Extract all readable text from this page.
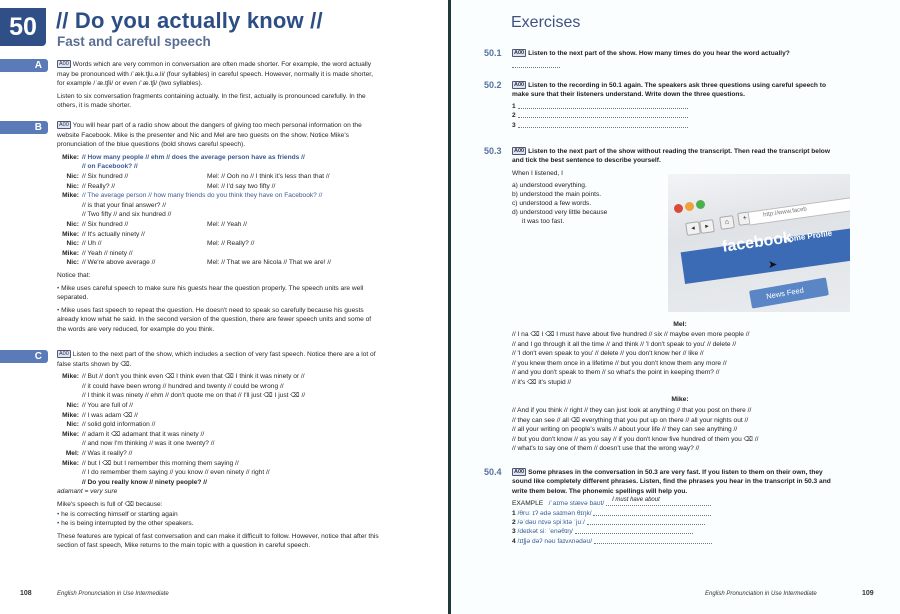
50 // Do you actually know //
Fast and careful speech
A	A00 Words which are very common in conversation are often made shorter. For example, the word actually may be pronounced with /ˈæk.tʃu.ə.li/ (four syllables) in careful speech. However, normally it is made shorter, for example /ˈæ.tʃli/ or even /ˈæ.tʃi/ (two syllables).

Listen to six conversation fragments containing actually. In the first, actually is pronounced carefully. In the others, it is made shorter.

B	A00 You will hear part of a radio show about the dangers of giving too mech personal information on the website Facebook. Mike is the presenter and Nic and Mel are two guests on the show. Notice Mike's pronunciation of the blue questions (bold shows careful speech).

Mike: // How many people // ehm // does the average person have as friends //
// on Facebook? //
Nic: // Six hundred //	Mel: // Ooh no // I think it's less than that //
Nic: // Really? //	Mel: // I'd say two fifty //
Mike: // The average person // how many friends do you think they have on Facebook? //
// is that your final answer? //
// Two fifty // and six hundred //
Nic: // Six hundred //	Mel: // Yeah //
Mike: // It's actually ninety //
Nic: // Uh //	Mel: // Really? //
Mike: // Yeah // ninety //
Nic: // We're above average //	Mel: // That we are Nicola // That we are! //

Notice that:

• Mike uses careful speech to make sure his guests hear the question properly. The speech units are well separated.

• Mike uses fast speech to repeat the question. He doesn't need to speak so carefully because his guests already know what he said. In the second version of the question, there are fewer speech units and some of the words are very reduced, for example do you think.

C	A00 Listen to the next part of the show, which includes a section of very fast speech. Notice there are a lot of false starts shown by ⌫.

Mike: // But // don't you think even ⌫ I think even that ⌫ I think it was ninety or //
// it could have been wrong // hundred and twenty // could be wrong //
// I think it was ninety // ehm // don't quote me on that // I'll just ⌫ I just ⌫ //
Nic: // You are full of //
Mike: // I was adam ⌫ //
Nic: // solid gold information //
Mike: // adam it ⌫ adamant that it was ninety //
// and now I'm thinking // was it one twenty? //
Mel: // Was it really? //
Mike: // but I ⌫ but I remember this morning them saying //
// I do remember them saying // you know // even ninety // right //
// Do you really know // ninety people? //

adamant = very sure

Mike's speech is full of ⌫ because:

• he is correcting himself or starting again

• he is being interrupted by the other speakers.

These features are typical of fast conversation and can make it difficult to follow. However, notice that after this section of fast speech, Mike returns to the main topic with a question in careful speech.

108	English Pronunciation in Use Intermediate
Exercises
50.1	A00 Listen to the next part of the show. How many times do you hear the word actually?

50.2	A00 Listen to the recording in 50.1 again. The speakers ask three questions using careful speech to make sure that their listeners understand. Write down the three questions.

1

2

3

50.3	A00 Listen to the next part of the show without reading the transcript. Then read the transcript below and tick the best sentence to describe yourself.

When I listened, I

a) understood everything.

b) understood the main points.

c) understood a few words.

d) understood very little because

it was too fast.

◂	▸
⌂
+	http://www.faceb
facebook
Home Profile
➤
News Feed
Mel:

// I na ⌫ I ⌫ I must have about five hundred // six // maybe even more people //

// and I go through it all the time // and think // 'I don't speak to you' // delete //

// 'I don't even speak to you' // delete // you don't know her // like //

// you knew them once in a lifetime // but you don't know them any more //

// and you don't speak to them // so what's the point in keeping them? //

// it's ⌫ it's stupid //

Mike:

// And if you think // right // they can just look at anything // that you post on there //

// they can see // all ⌫ everything that you put up on there // all your nights out //

// all your writing on people's walls // about your life // they can see anything //

// but you don't know // as you say // if you don't know five hundred of them you ⌫ //

// what's to say one of them // doesn't use that the wrong way? //

50.4	A00 Some phrases in the conversation in 50.3 are very fast. If you listen to them on their own, they sound like completely different phrases. Listen, find the phrases you hear in the transcript in 50.3 and write them below. The phonemic spellings will help you.

EXAMPLE /ˈaɪmə stævə baʊt/ I must have about

1 /θruː ɪʔ ədə saɪmən θɪŋk/

2 /əˈdəʊ nɪvə spiːktə ˈjuː/

3 /deɪkət siː ˈenəθɪŋ/

4 /ɪtʃjə dəʔ nəʊ faɪvʌnədəʊ/

English Pronunciation in Use Intermediate	109
